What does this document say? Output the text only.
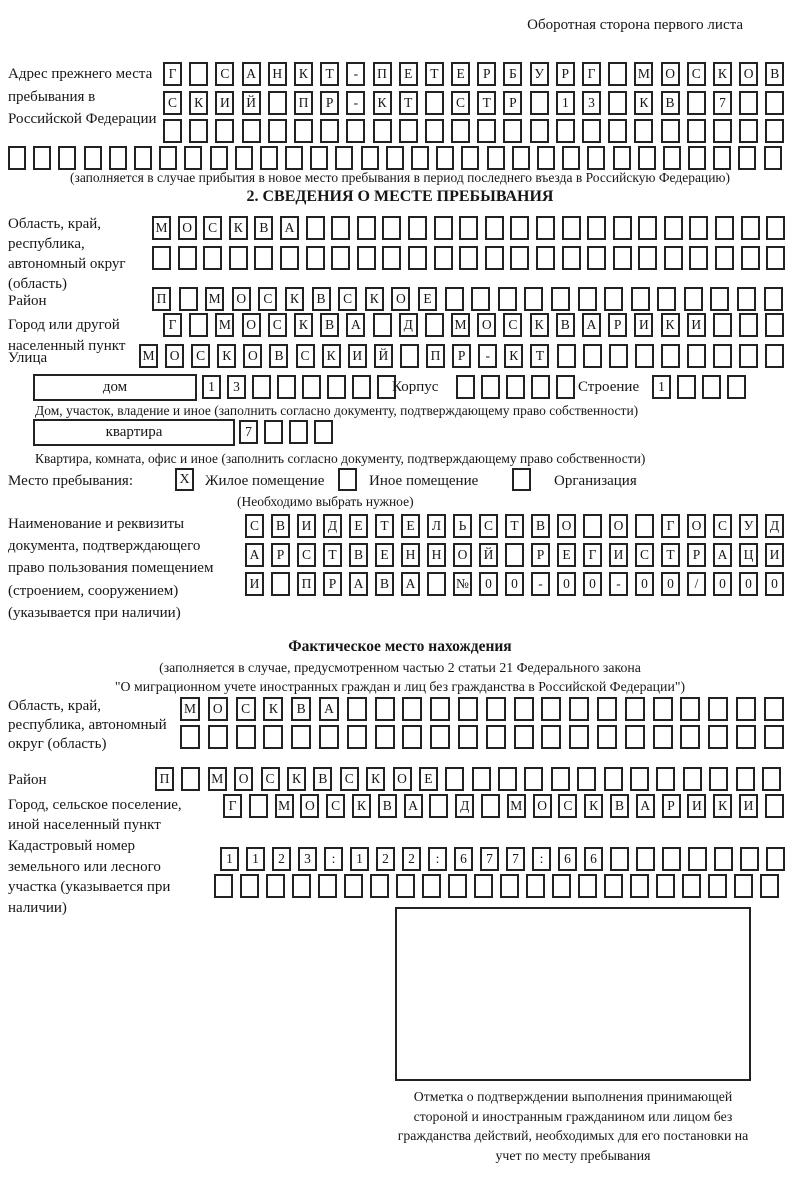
Оборотная сторона первого листа
Адрес прежнего места пребывания в Российской Федерации
Г	С	А	Н	К	Т	-	П	Е	Т	Е	Р	Б	У	Р	Г	М	О	С	К	О	В
С	К	И	Й	П	Р	-	К	Т	С	Т	Р	1	3	К	В	7
(заполняется в случае прибытия в новое место пребывания в период последнего въезда в Российскую Федерацию)
2. СВЕДЕНИЯ О МЕСТЕ ПРЕБЫВАНИЯ
Область, край, республика, автономный округ (область)
М	О	С	К	В	А
Район	П	М	О	С	К	В	С	К	О	Е
Город или другой населенный пункт
Г	М	О	С	К	В	А	Д	М	О	С	К	В	А	Р	И	К	И
Улица	М	О	С	К	О	В	С	К	И	Й	П	Р	-	К	Т
дом	1	3	Корпус	Строение	1
Дом, участок, владение и иное (заполнить согласно документу, подтверждающему право собственности)
квартира	7
Квартира, комната, офис и иное (заполнить согласно документу, подтверждающему право собственности)
Место пребывания:	X Жилое помещение	Иное помещение	Организация
(Необходимо выбрать нужное)
Наименование и реквизиты документа, подтверждающего право пользования помещением (строением, сооружением) (указывается при наличии)
С	В	И	Д	Е	Т	Е	Л	Ь	С	Т	В	О	О	Г	О	С	У	Д
А	Р	С	Т	В	Е	Н	Н	О	Й	Р	Е	Г	И	С	Т	Р	А	Ц	И
И	П	Р	А	В	А	№	0	0	-	0	0	-	0	0	/	0	0	0
Фактическое место нахождения
(заполняется в случае, предусмотренном частью 2 статьи 21 Федерального закона
"О миграционном учете иностранных граждан и лиц без гражданства в Российской Федерации")
Область, край, республика, автономный округ (область)
М	О	С	К	В	А
Район	П	М	О	С	К	В	С	К	О	Е
Город, сельское поселение, иной населенный пункт
Г	М	О	С	К	В	А	Д	М	О	С	К	В	А	Р	И	К	И
Кадастровый номер земельного или лесного участка (указывается при наличии)
1	1	2	3	:	1	2	2	:	6	7	7	:	6	6
Отметка о подтверждении выполнения принимающей стороной и иностранным гражданином или лицом без гражданства действий, необходимых для его постановки на учет по месту пребывания
